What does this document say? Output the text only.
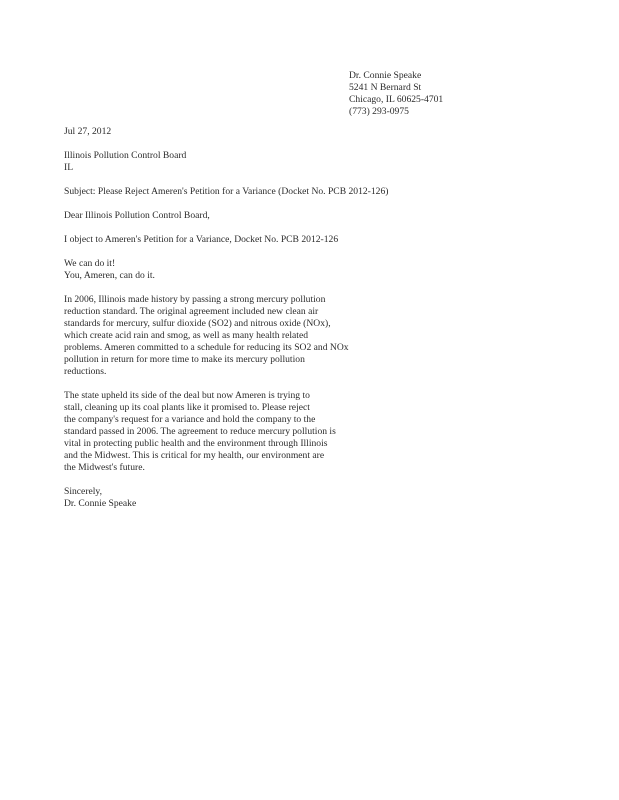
Dr. Connie Speake
5241 N Bernard St
Chicago, IL 60625-4701
(773) 293-0975
Jul 27, 2012
Illinois Pollution Control Board
IL
Subject: Please Reject Ameren's Petition for a Variance (Docket No. PCB 2012-126)
Dear Illinois Pollution Control Board,
I object to Ameren's Petition for a Variance, Docket No. PCB 2012-126
We can do it!
You, Ameren, can do it.
In 2006, Illinois made history by passing a strong mercury pollution
reduction standard. The original agreement included new clean air
standards for mercury, sulfur dioxide (SO2) and nitrous oxide (NOx),
which create acid rain and smog, as well as many health related
problems. Ameren committed to a schedule for reducing its SO2 and NOx
pollution in return for more time to make its mercury pollution
reductions.
The state upheld its side of the deal but now Ameren is trying to
stall, cleaning up its coal plants like it promised to. Please reject
the company's request for a variance and hold the company to the
standard passed in 2006. The agreement to reduce mercury pollution is
vital in protecting public health and the environment through Illinois
and the Midwest. This is critical for my health, our environment are
the Midwest's future.
Sincerely,
Dr. Connie Speake
